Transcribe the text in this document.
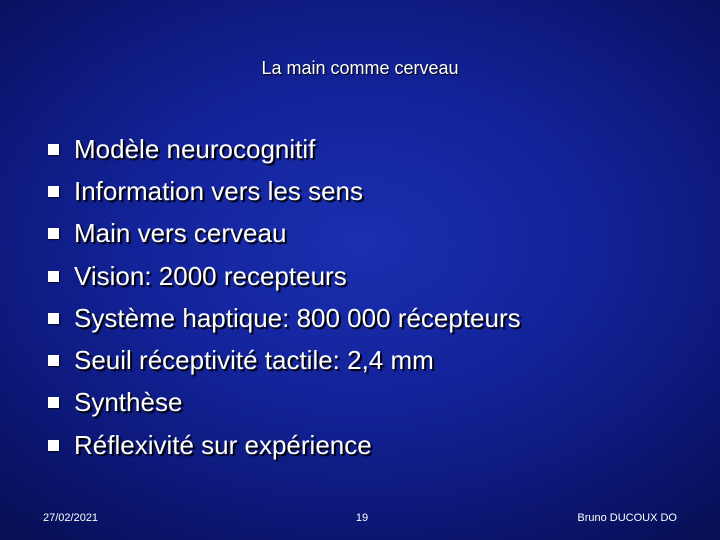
La main comme cerveau
Modèle neurocognitif
Information vers les sens
Main vers cerveau
Vision: 2000 recepteurs
Système haptique: 800 000 récepteurs
Seuil réceptivité tactile: 2,4 mm
Synthèse
Réflexivité sur expérience
27/02/2021	19	Bruno DUCOUX DO
